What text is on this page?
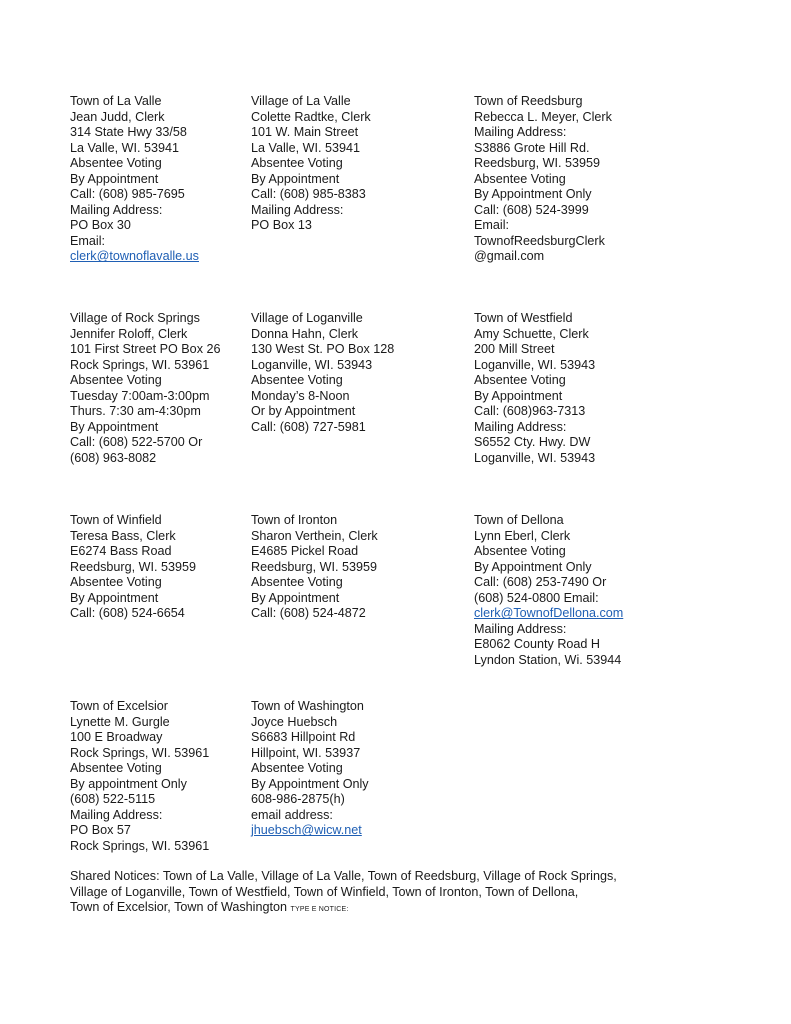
Town of La Valle
Jean Judd, Clerk
314 State Hwy 33/58
La Valle, WI. 53941
Absentee Voting
By Appointment
Call: (608) 985-7695
Mailing Address:
PO Box 30
Email:
clerk@townoflavalle.us
Village of La Valle
Colette Radtke, Clerk
101 W. Main Street
La Valle, WI. 53941
Absentee Voting
By Appointment
Call: (608) 985-8383
Mailing Address:
PO Box 13
Town of Reedsburg
Rebecca L. Meyer, Clerk
Mailing Address:
S3886 Grote Hill Rd.
Reedsburg, WI. 53959
Absentee Voting
By Appointment Only
Call: (608) 524-3999
Email:
TownofReedsburgClerk
@gmail.com
Village of Rock Springs
Jennifer Roloff, Clerk
101 First Street PO Box 26
Rock Springs, WI. 53961
Absentee Voting
Tuesday 7:00am-3:00pm
Thurs. 7:30 am-4:30pm
By Appointment
Call: (608) 522-5700 Or
(608) 963-8082
Village of Loganville
Donna Hahn, Clerk
130 West St. PO Box 128
Loganville, WI. 53943
Absentee Voting
Monday’s 8-Noon
Or by Appointment
Call: (608) 727-5981
Town of Westfield
Amy Schuette, Clerk
200 Mill Street
Loganville, WI. 53943
Absentee Voting
By Appointment
Call: (608)963-7313
Mailing Address:
S6552 Cty. Hwy. DW
Loganville, WI. 53943
Town of Winfield
Teresa Bass, Clerk
E6274 Bass Road
Reedsburg, WI. 53959
Absentee Voting
By Appointment
Call: (608) 524-6654
Town of Ironton
Sharon Verthein, Clerk
E4685 Pickel Road
Reedsburg, WI. 53959
Absentee Voting
By Appointment
Call: (608) 524-4872
Town of Dellona
Lynn Eberl, Clerk
Absentee Voting
By Appointment Only
Call: (608) 253-7490 Or
(608) 524-0800 Email:
clerk@TownofDellona.com
Mailing Address:
E8062 County Road H
Lyndon Station, Wi. 53944
Town of Excelsior
Lynette M. Gurgle
100 E Broadway
Rock Springs, WI. 53961
Absentee Voting
By appointment Only
(608) 522-5115
Mailing Address:
PO Box 57
Rock Springs, WI. 53961
Town of Washington
Joyce Huebsch
S6683 Hillpoint Rd
Hillpoint, WI. 53937
Absentee Voting
By Appointment Only
608-986-2875(h)
email address:
jhuebsch@wicw.net
Shared Notices: Town of La Valle, Village of La Valle, Town of Reedsburg, Village of Rock Springs,
Village of Loganville, Town of Westfield, Town of Winfield, Town of Ironton, Town of Dellona,
Town of Excelsior, Town of Washington TYPE E NOTICE:
